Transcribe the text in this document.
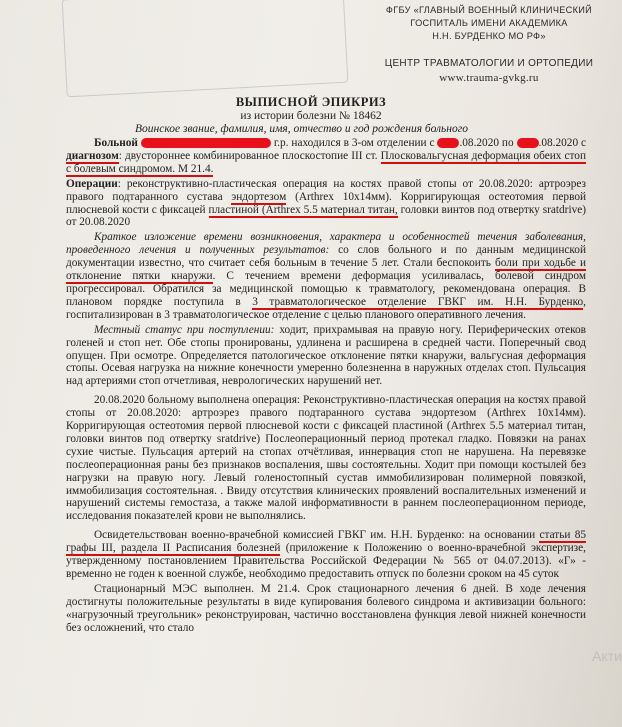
ФГБУ «ГЛАВНЫЙ ВОЕННЫЙ КЛИНИЧЕСКИЙ
ГОСПИТАЛЬ ИМЕНИ АКАДЕМИКА
Н.Н. БУРДЕНКО МО РФ»
ЦЕНТР ТРАВМАТОЛОГИИ И ОРТОПЕДИИ
www.trauma-gvkg.ru
ВЫПИСНОЙ ЭПИКРИЗ
из истории болезни № 18462
Воинское звание, фамилия, имя, отчество и год рождения больного

Больной	г.р. находился в 3-ом отделении с .08.2020 по .08.2020 с диагнозом: двустороннее комбинированное плоскостопие III ст. Плосковальгусная деформация обеих стоп с болевым синдромом. М 21.4.

Операции: реконструктивно-пластическая операция на костях правой стопы от 20.08.2020: артроэрез правого подтаранного сустава эндортезом (Arthrex 10x14мм). Корригирующая остеотомия первой плюсневой кости с фиксацей пластиной (Arthrex 5.5 материал титан, головки винтов под отвертку sratdrive) от 20.08.2020

Краткое изложение времени возникновения, характера и особенностей течения заболевания, проведенного лечения и полученных результатов: со слов больного и по данным медицинской документации известно, что считает себя больным в течение 5 лет. Стали беспокоить боли при ходьбе и отклонение пятки кнаружи. С течением времени деформация усиливалась, болевой синдром прогрессировал. Обратился за медицинской помощью к травматологу, рекомендована операция. В плановом порядке поступила в 3 травматологическое отделение ГВКГ им. Н.Н. Бурденко, госпитализирован в 3 травматологическое отделение с целью планового оперативного лечения.

Местный статус при поступлении: ходит, прихрамывая на правую ногу. Периферических отеков голеней и стоп нет. Обе стопы пронированы, удлинена и расширена в средней части. Поперечный свод опущен. При осмотре. Определяется патологическое отклонение пятки кнаружи, вальгусная деформация стопы. Осевая нагрузка на нижние конечности умеренно болезненна в наружных отделах стоп. Пульсация над артериями стоп отчетливая, неврологических нарушений нет.

20.08.2020 больному выполнена операция: Реконструктивно-пластическая операция на костях правой стопы от 20.08.2020: артроэрез правого подтаранного сустава эндортезом (Arthrex 10x14мм). Корригирующая остеотомия первой плюсневой кости с фиксацей пластиной (Arthrex 5.5 материал титан, головки винтов под отвертку sratdrive) Послеоперационный период протекал гладко. Повязки на ранах сухие чистые. Пульсация артерий на стопах отчётливая, иннервация стоп не нарушена. На перевязке послеоперационная раны без признаков воспаления, швы состоятельны. Ходит при помощи костылей без нагрузки на правую ногу. Левый голеностопный сустав иммобилизирован полимерной повязкой, иммобилизация состоятельная. . Ввиду отсутствия клинических проявлений воспалительных изменений и нарушений системы гемостаза, а также малой информативности в раннем послеоперационном периоде, исследования показателей крови не выполнялись.

Освидетельствован военно-врачебной комиссией ГВКГ им. Н.Н. Бурденко: на основании статьи 85 графы III, раздела II Расписания болезней (приложение к Положению о военно-врачебной экспертизе, утвержденному постановлением Правительства Российской Федерации № 565 от 04.07.2013). «Г» - временно не годен к военной службе, необходимо предоставить отпуск по болезни сроком на 45 суток

Стационарный МЭС выполнен. М 21.4. Срок стационарного лечения 6 дней. В ходе лечения достигнуты положительные результаты в виде купирования болевого синдрома и активизации больного: «нагрузочный треугольник» реконструирован, частично восстановлена функция левой нижней конечности без осложнений, что стало

Акти
